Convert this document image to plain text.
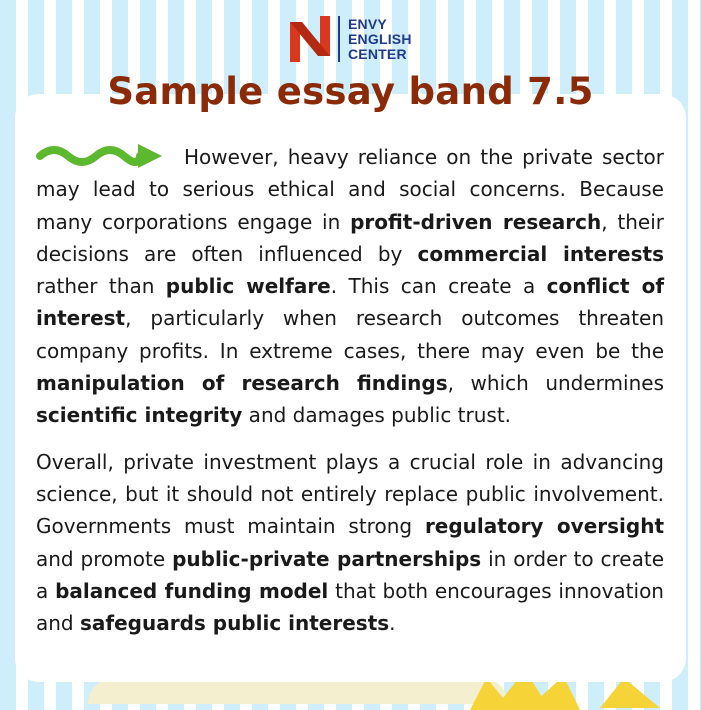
ENVY
ENGLISH
CENTER
Sample essay band 7.5

However, heavy reliance on the private sector may lead to serious ethical and social concerns. Because many corporations engage in profit-driven research, their decisions are often influenced by commercial interests rather than public welfare. This can create a conflict of interest, particularly when research outcomes threaten company profits. In extreme cases, there may even be the manipulation of research findings, which undermines scientific integrity and damages public trust.

Overall, private investment plays a crucial role in advancing science, but it should not entirely replace public involvement. Governments must maintain strong regulatory oversight and promote public-private partnerships in order to create a balanced funding model that both encourages innovation and safeguards public interests.
